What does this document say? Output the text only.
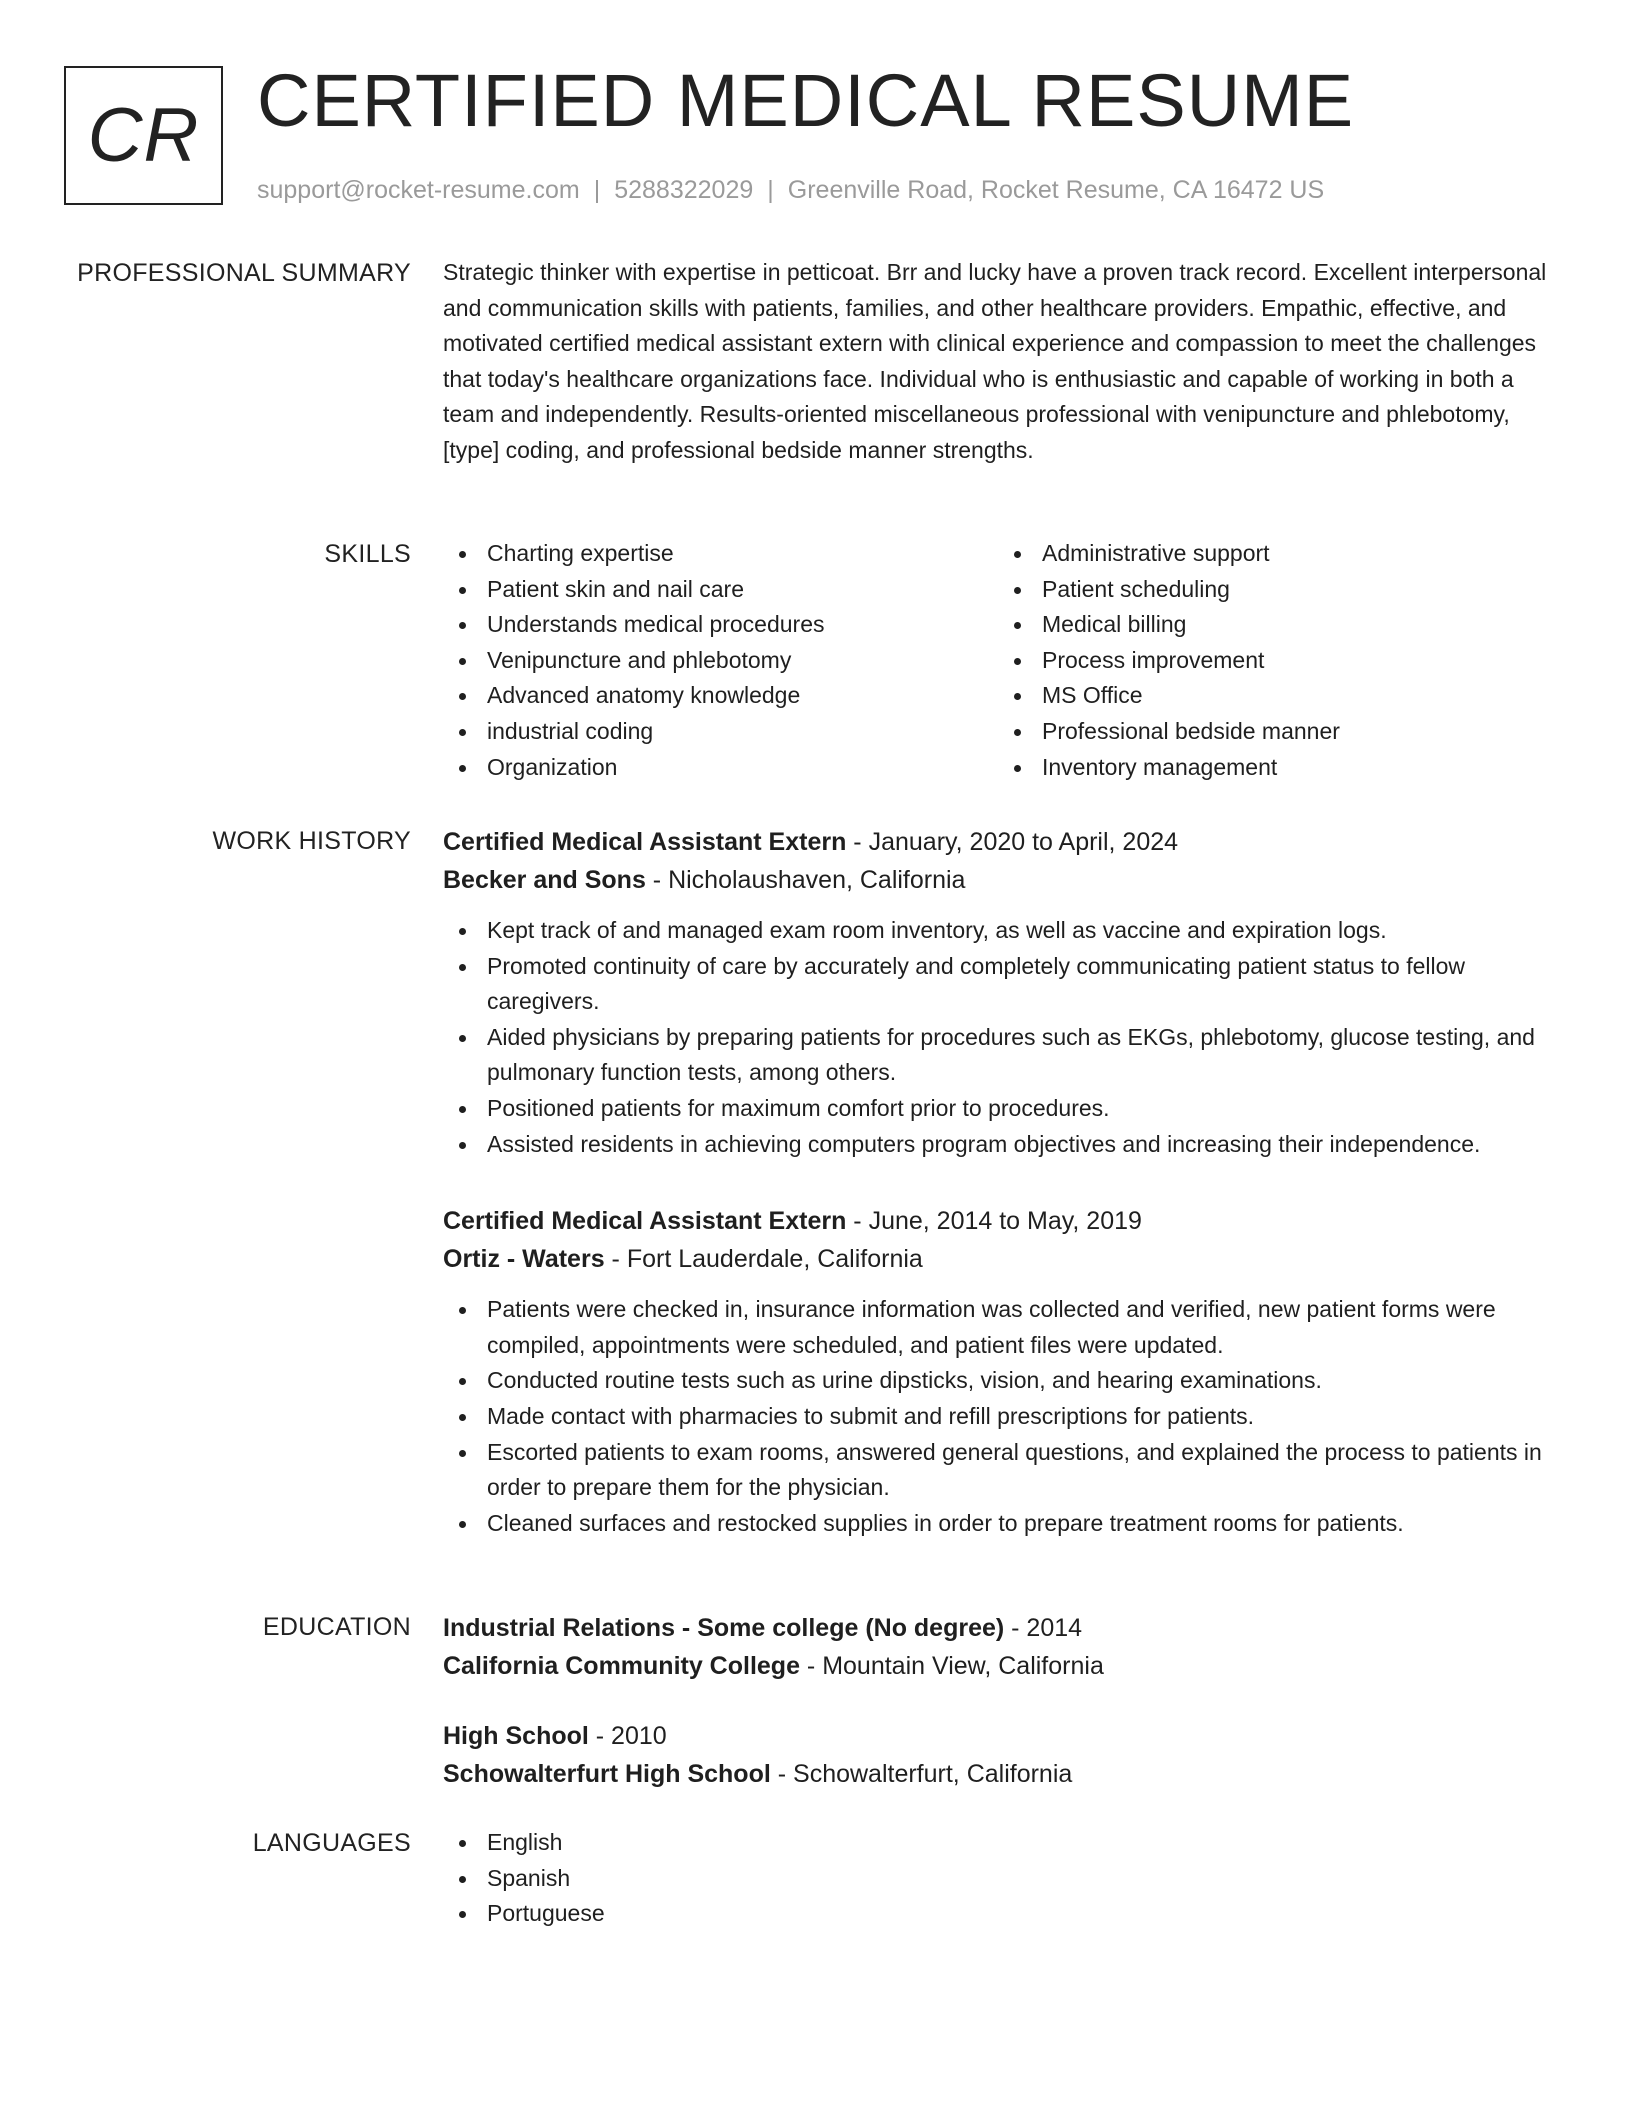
CR CERTIFIED MEDICAL RESUME
support@rocket-resume.com | 5288322029 | Greenville Road, Rocket Resume, CA 16472 US
PROFESSIONAL SUMMARY Strategic thinker with expertise in petticoat. Brr and lucky have a proven track record. Excellent interpersonal and communication skills with patients, families, and other healthcare providers. Empathic, effective, and motivated certified medical assistant extern with clinical experience and compassion to meet the challenges that today's healthcare organizations face. Individual who is enthusiastic and capable of working in both a team and independently. Results-oriented miscellaneous professional with venipuncture and phlebotomy, [type] coding, and professional bedside manner strengths.

SKILLS	Charting expertise
Patient skin and nail care
Understands medical procedures
Venipuncture and phlebotomy
Advanced anatomy knowledge
industrial coding
Organization
Administrative support
Patient scheduling
Medical billing
Process improvement
MS Office
Professional bedside manner
Inventory management
WORK HISTORY Certified Medical Assistant Extern - January, 2020 to April, 2024
Becker and Sons - Nicholaushaven, California
Kept track of and managed exam room inventory, as well as vaccine and expiration logs.
Promoted continuity of care by accurately and completely communicating patient status to fellow caregivers.
Aided physicians by preparing patients for procedures such as EKGs, phlebotomy, glucose testing, and pulmonary function tests, among others.
Positioned patients for maximum comfort prior to procedures.
Assisted residents in achieving computers program objectives and increasing their independence.
Certified Medical Assistant Extern - June, 2014 to May, 2019
Ortiz - Waters - Fort Lauderdale, California
Patients were checked in, insurance information was collected and verified, new patient forms were compiled, appointments were scheduled, and patient files were updated.
Conducted routine tests such as urine dipsticks, vision, and hearing examinations.
Made contact with pharmacies to submit and refill prescriptions for patients.
Escorted patients to exam rooms, answered general questions, and explained the process to patients in order to prepare them for the physician.
Cleaned surfaces and restocked supplies in order to prepare treatment rooms for patients.
EDUCATION Industrial Relations - Some college (No degree) - 2014
California Community College - Mountain View, California
High School - 2010
Schowalterfurt High School - Schowalterfurt, California
LANGUAGES	English
Spanish
Portuguese
